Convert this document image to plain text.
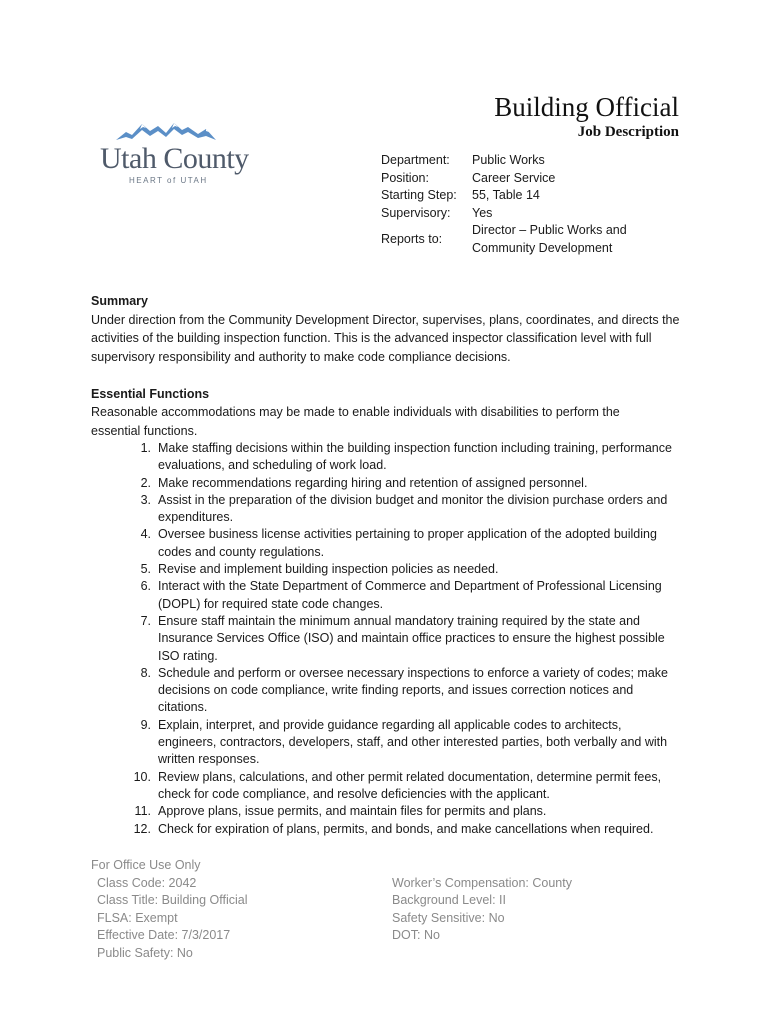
Utah County
HEART of UTAH
Building Official
Job Description
Department:	Public Works
Position:	Career Service
Starting Step:	55, Table 14
Supervisory:	Yes
Reports to:
Director – Public Works and Community Development
Summary
Under direction from the Community Development Director, supervises, plans, coordinates, and directs the activities of the building inspection function. This is the advanced inspector classification level with full supervisory responsibility and authority to make code compliance decisions.
Essential Functions
Reasonable accommodations may be made to enable individuals with disabilities to perform the essential functions.
1. Make staffing decisions within the building inspection function including training, performance evaluations, and scheduling of work load.
2. Make recommendations regarding hiring and retention of assigned personnel.
3. Assist in the preparation of the division budget and monitor the division purchase orders and expenditures.
4. Oversee business license activities pertaining to proper application of the adopted building codes and county regulations.
5. Revise and implement building inspection policies as needed.
6. Interact with the State Department of Commerce and Department of Professional Licensing (DOPL) for required state code changes.
7. Ensure staff maintain the minimum annual mandatory training required by the state and Insurance Services Office (ISO) and maintain office practices to ensure the highest possible ISO rating.
8. Schedule and perform or oversee necessary inspections to enforce a variety of codes; make decisions on code compliance, write finding reports, and issues correction notices and citations.
9. Explain, interpret, and provide guidance regarding all applicable codes to architects, engineers, contractors, developers, staff, and other interested parties, both verbally and with written responses.
10. Review plans, calculations, and other permit related documentation, determine permit fees, check for code compliance, and resolve deficiencies with the applicant.
11. Approve plans, issue permits, and maintain files for permits and plans.
12. Check for expiration of plans, permits, and bonds, and make cancellations when required.
For Office Use Only
Class Code: 2042
Class Title: Building Official
FLSA: Exempt
Effective Date: 7/3/2017
Public Safety: No
Worker’s Compensation: County
Background Level: II
Safety Sensitive: No
DOT: No
